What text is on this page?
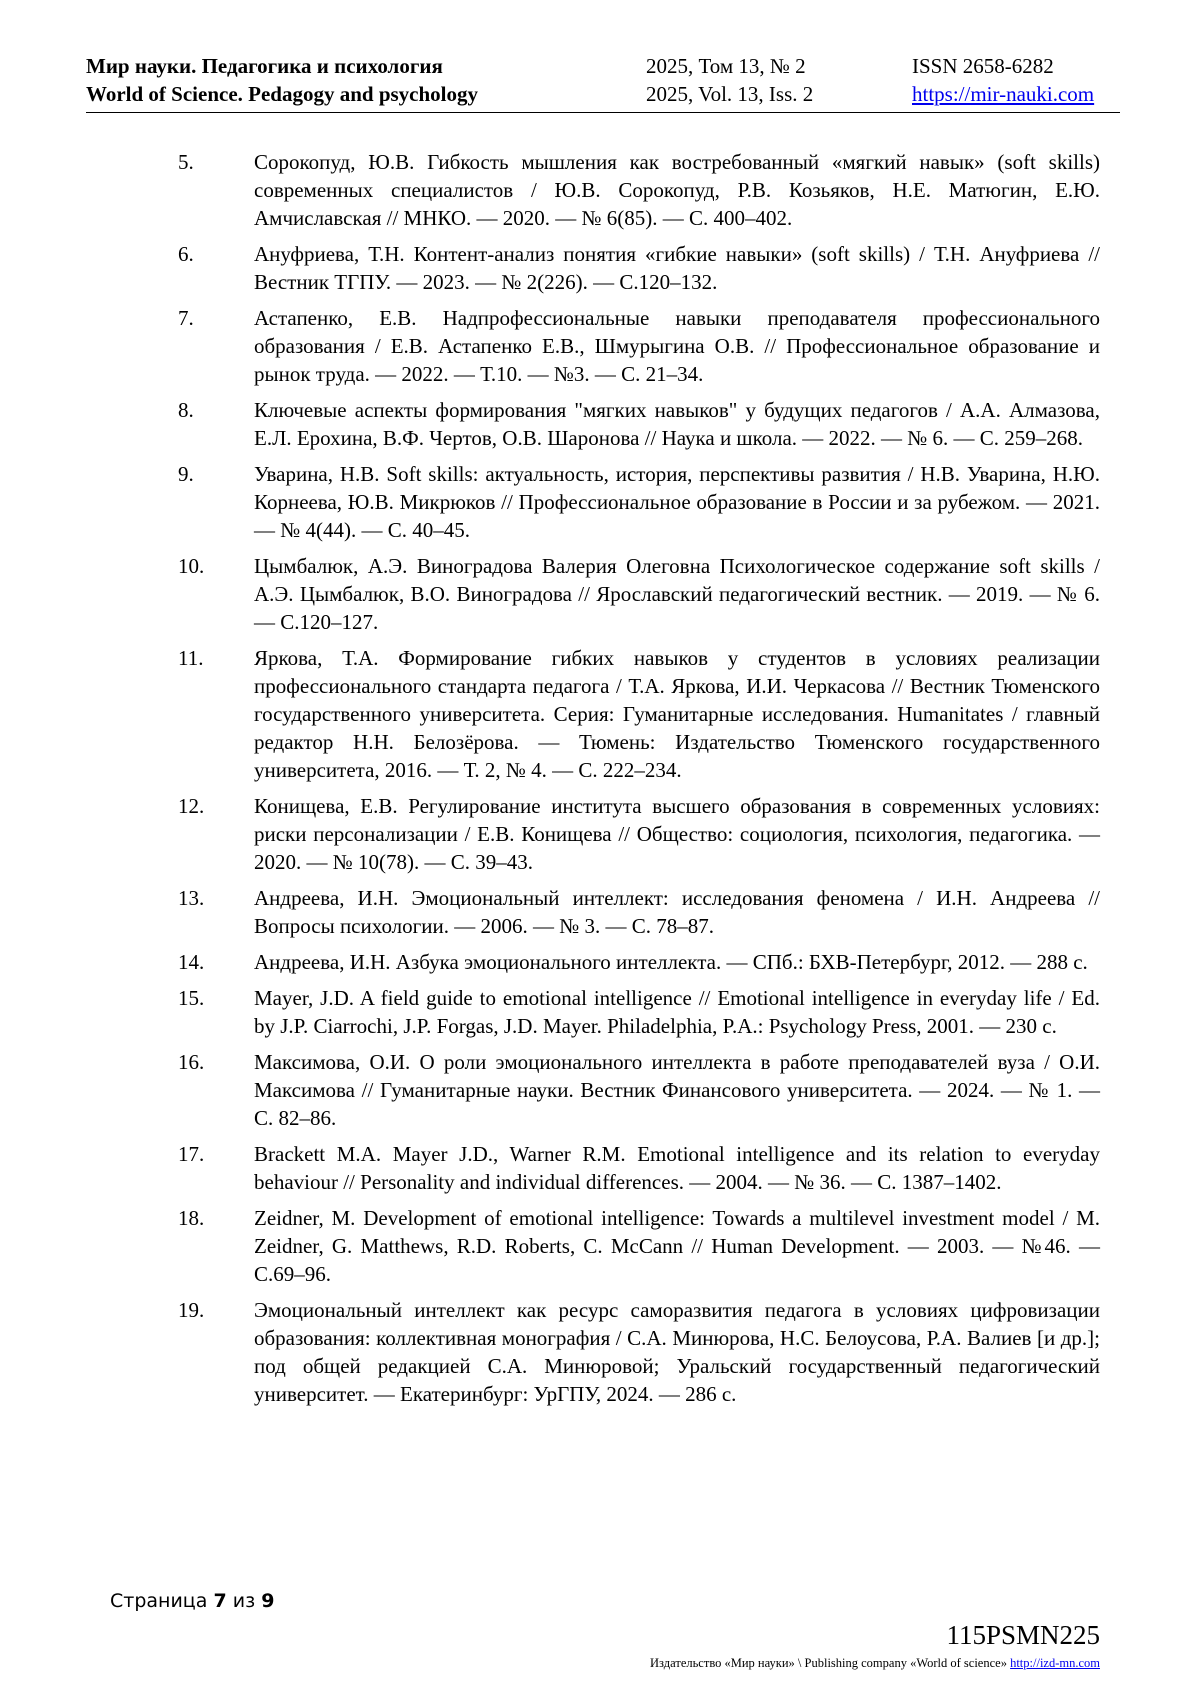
Мир науки. Педагогика и психология
World of Science. Pedagogy and psychology
2025, Том 13, № 2
2025, Vol. 13, Iss. 2
ISSN 2658-6282
https://mir-nauki.com
5.	Сорокопуд, Ю.В. Гибкость мышления как востребованный «мягкий навык» (soft skills) современных специалистов / Ю.В. Сорокопуд, Р.В. Козьяков, Н.Е. Матюгин, Е.Ю. Амчиславская // МНКО. — 2020. — № 6(85). — С. 400–402.
6.	Ануфриева, Т.Н. Контент-анализ понятия «гибкие навыки» (soft skills) / Т.Н. Ануфриева // Вестник ТГПУ. — 2023. — № 2(226). — С.120–132.
7.	Астапенко, Е.В. Надпрофессиональные навыки преподавателя профессионального образования / Е.В. Астапенко Е.В., Шмурыгина О.В. // Профессиональное образование и рынок труда. — 2022. — Т.10. — №3. — С. 21–34.
8.	Ключевые аспекты формирования "мягких навыков" у будущих педагогов / А.А. Алмазова, Е.Л. Ерохина, В.Ф. Чертов, О.В. Шаронова // Наука и школа. — 2022. — № 6. — С. 259–268.
9.	Уварина, Н.В. Soft skills: актуальность, история, перспективы развития / Н.В. Уварина, Н.Ю. Корнеева, Ю.В. Микрюков // Профессиональное образование в России и за рубежом. — 2021. — № 4(44). — С. 40–45.
10. Цымбалюк, А.Э. Виноградова Валерия Олеговна Психологическое содержание soft skills / А.Э. Цымбалюк, В.О. Виноградова // Ярославский педагогический вестник. — 2019. — № 6. — С.120–127.
11. Яркова, Т.А. Формирование гибких навыков у студентов в условиях реализации профессионального стандарта педагога / Т.А. Яркова, И.И. Черкасова // Вестник Тюменского государственного университета. Серия: Гуманитарные исследования. Humanitates / главный редактор Н.Н. Белозёрова. — Тюмень: Издательство Тюменского государственного университета, 2016. — Т. 2, № 4. — С. 222–234.
12. Конищева, Е.В. Регулирование института высшего образования в современных условиях: риски персонализации / Е.В. Конищева // Общество: социология, психология, педагогика. — 2020. — № 10(78). — С. 39–43.
13. Андреева, И.Н. Эмоциональный интеллект: исследования феномена / И.Н. Андреева // Вопросы психологии. — 2006. — № 3. — С. 78–87.
14. Андреева, И.Н. Азбука эмоционального интеллекта. — СПб.: БХВ-Петербург, 2012. — 288 с.
15. Mayer, J.D. A field guide to emotional intelligence // Emotional intelligence in everyday life / Ed. by J.P. Ciarrochi, J.P. Forgas, J.D. Mayer. Philadelphia, P.A.: Psychology Press, 2001. — 230 с.
16. Максимова, О.И. О роли эмоционального интеллекта в работе преподавателей вуза / О.И. Максимова // Гуманитарные науки. Вестник Финансового университета. — 2024. — № 1. — С. 82–86.
17. Brackett M.A. Mayer J.D., Warner R.M. Emotional intelligence and its relation to everyday behaviour // Personality and individual differences. — 2004. — № 36. — С. 1387–1402.
18. Zeidner, M. Development of emotional intelligence: Towards a multilevel investment model / M. Zeidner, G. Matthews, R.D. Roberts, C. McCann // Human Development. — 2003. — №46. — С.69–96.
19. Эмоциональный интеллект как ресурс саморазвития педагога в условиях цифровизации образования: коллективная монография / С.А. Минюрова, Н.С. Белоусова, Р.А. Валиев [и др.]; под общей редакцией С.А. Минюровой; Уральский государственный педагогический университет. — Екатеринбург: УрГПУ, 2024. — 286 с.
Страница 7 из 9
115PSMN225
Издательство «Мир науки» \ Publishing company «World of science» http://izd-mn.com
